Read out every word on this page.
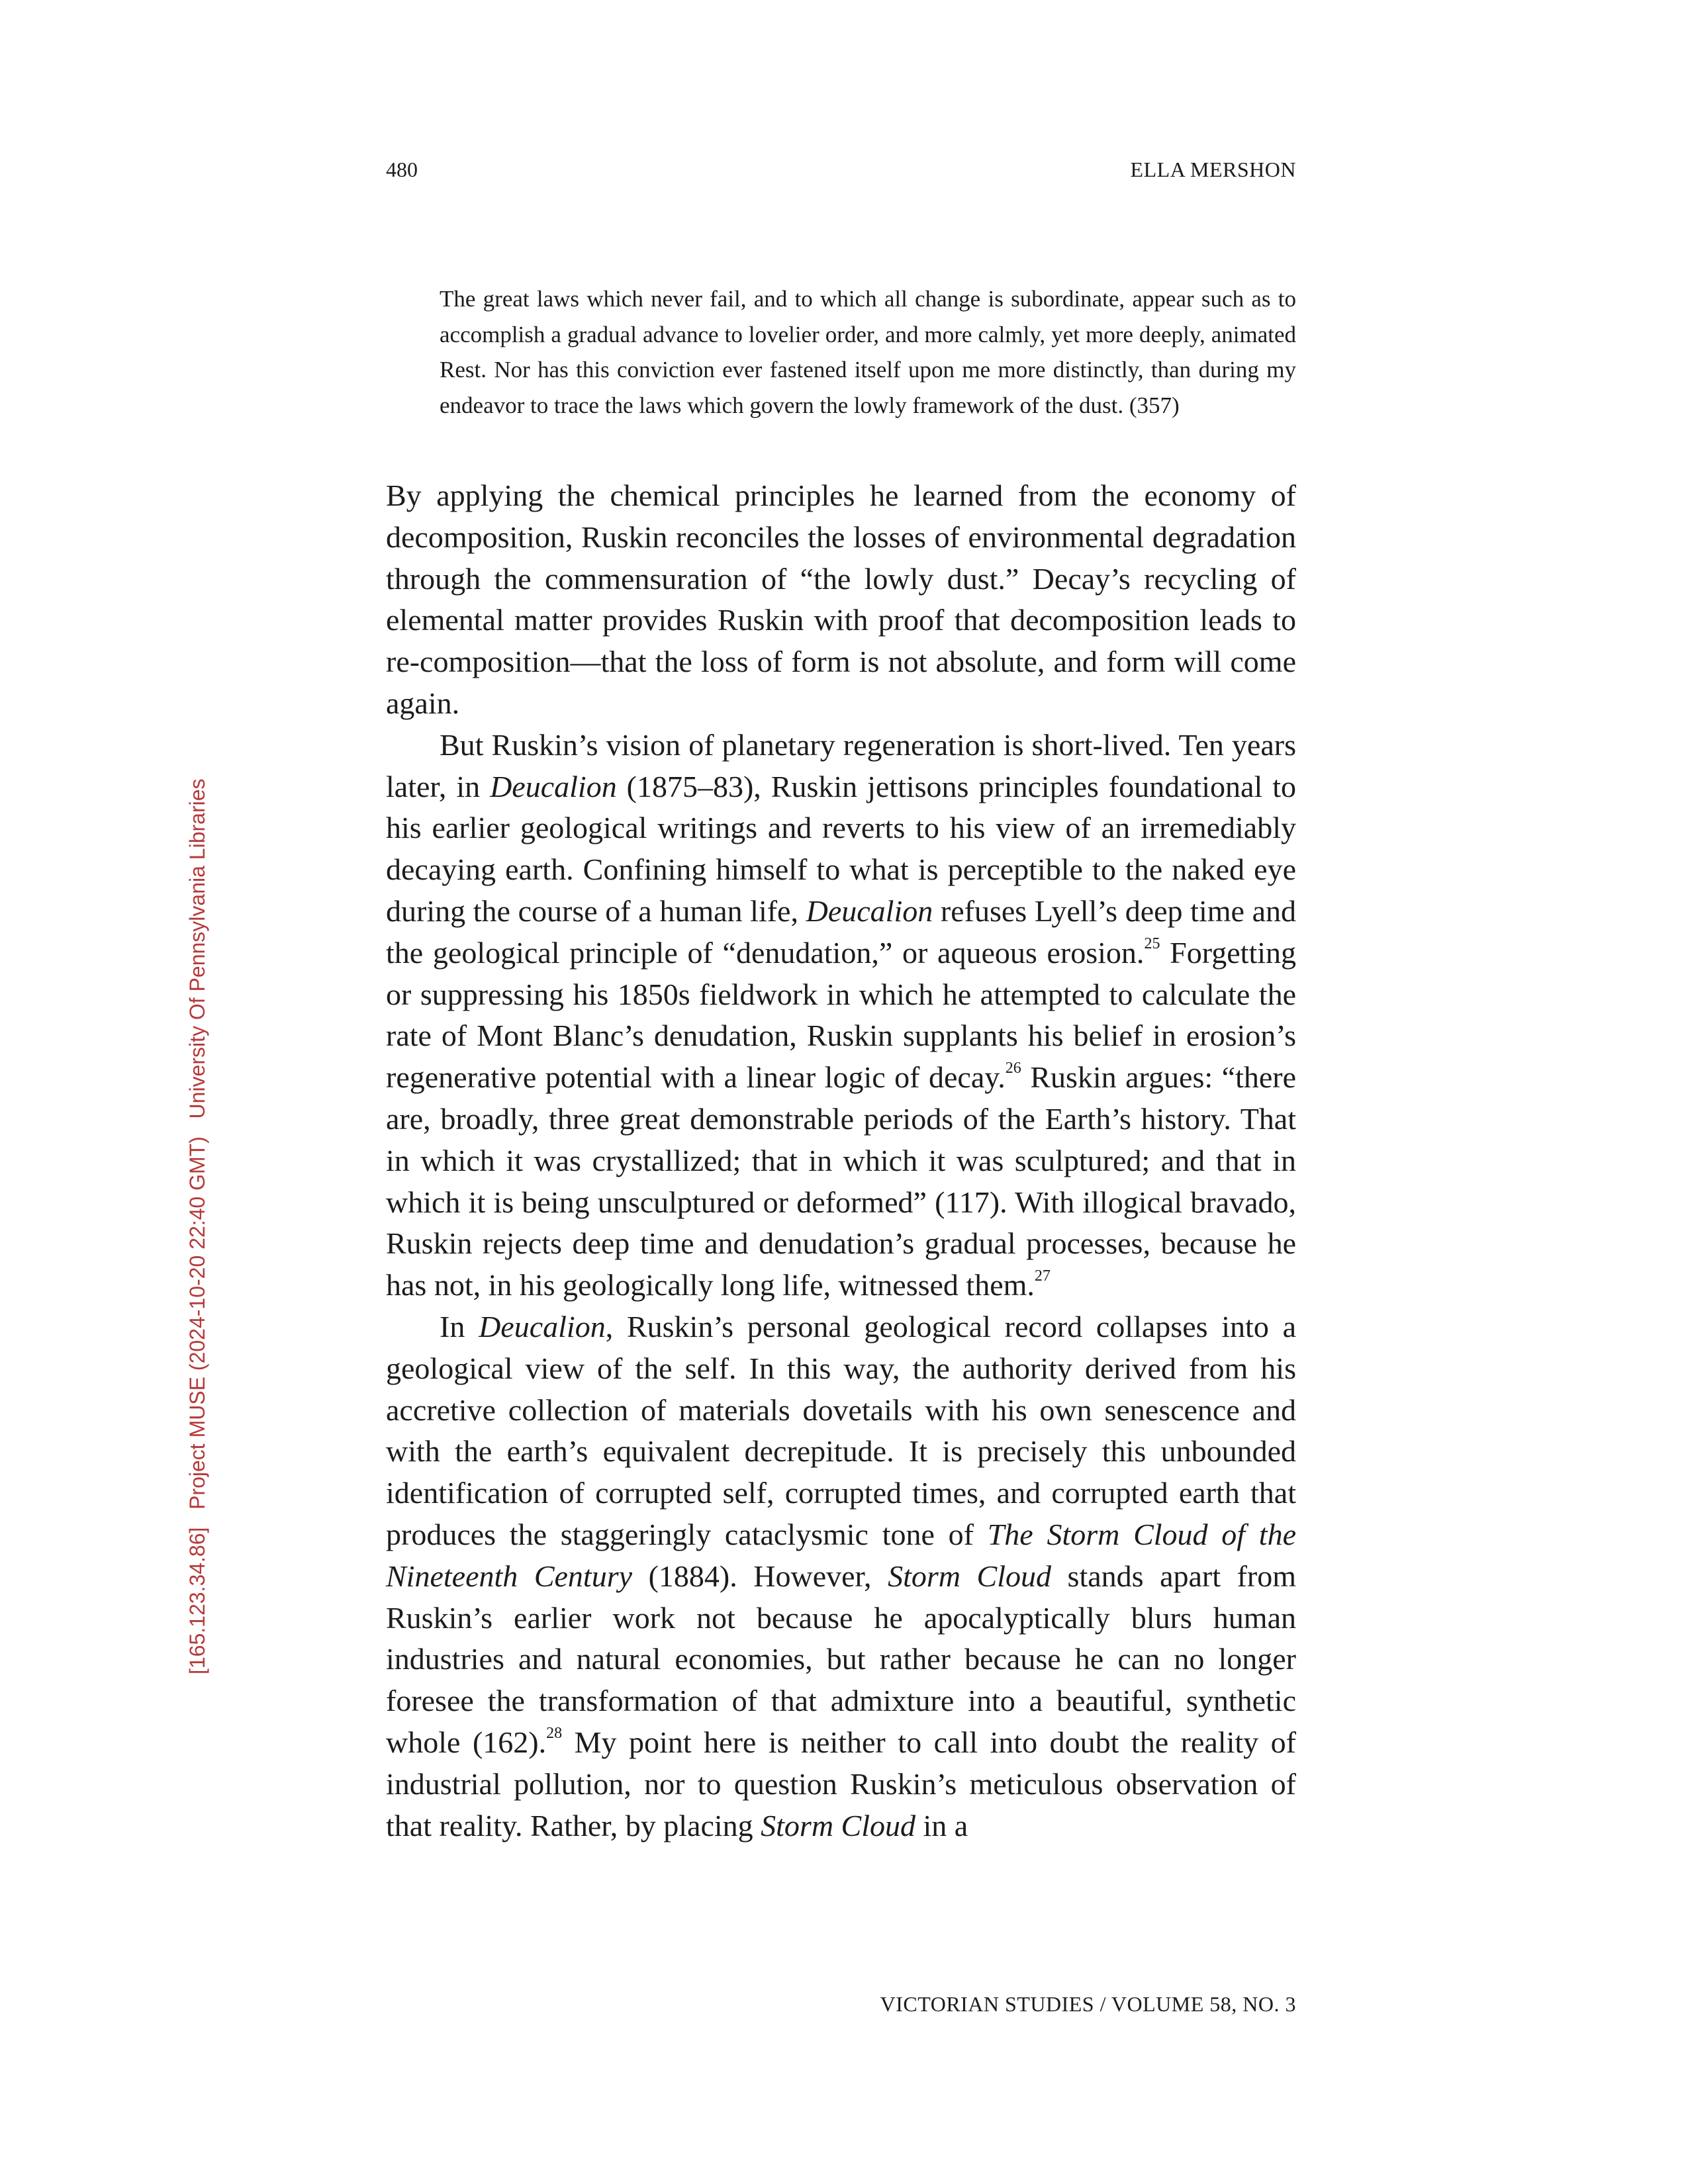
480	ELLA MERSHON

The great laws which never fail, and to which all change is subordinate, appear such as to accomplish a gradual advance to lovelier order, and more calmly, yet more deeply, animated Rest. Nor has this conviction ever fastened itself upon me more distinctly, than during my endeavor to trace the laws which govern the lowly framework of the dust. (357)

By applying the chemical principles he learned from the economy of decomposition, Ruskin reconciles the losses of environmental degradation through the commensuration of “the lowly dust.” Decay’s recycling of elemental matter provides Ruskin with proof that decomposition leads to re-composition—that the loss of form is not absolute, and form will come again.

But Ruskin’s vision of planetary regeneration is short-lived. Ten years later, in Deucalion (1875–83), Ruskin jettisons principles foundational to his earlier geological writings and reverts to his view of an irremediably decaying earth. Confining himself to what is perceptible to the naked eye during the course of a human life, Deucalion refuses Lyell’s deep time and the geological principle of “denudation,” or aqueous erosion.$^{25}$ Forgetting or suppressing his 1850s fieldwork in which he attempted to calculate the rate of Mont Blanc’s denudation, Ruskin supplants his belief in erosion’s regenerative potential with a linear logic of decay.$^{26}$ Ruskin argues: “there are, broadly, three great demonstrable periods of the Earth’s history. That in which it was crystallized; that in which it was sculptured; and that in which it is being unsculptured or deformed” (117). With illogical bravado, Ruskin rejects deep time and denudation’s gradual processes, because he has not, in his geologically long life, witnessed them.$^{27}$

In Deucalion, Ruskin’s personal geological record collapses into a geological view of the self. In this way, the authority derived from his accretive collection of materials dovetails with his own senescence and with the earth’s equivalent decrepitude. It is precisely this unbounded identification of corrupted self, corrupted times, and corrupted earth that produces the staggeringly cataclysmic tone of The Storm Cloud of the Nineteenth Century (1884). However, Storm Cloud stands apart from Ruskin’s earlier work not because he apocalyptically blurs human industries and natural economies, but rather because he can no longer foresee the transformation of that admixture into a beautiful, synthetic whole (162).$^{28}$ My point here is neither to call into doubt the reality of industrial pollution, nor to question Ruskin’s meticulous observation of that reality. Rather, by placing Storm Cloud in a

VICTORIAN STUDIES / VOLUME 58, NO. 3
[165.123.34.86]   Project MUSE (2024-10-20 22:40 GMT)   University Of Pennsylvania Libraries
